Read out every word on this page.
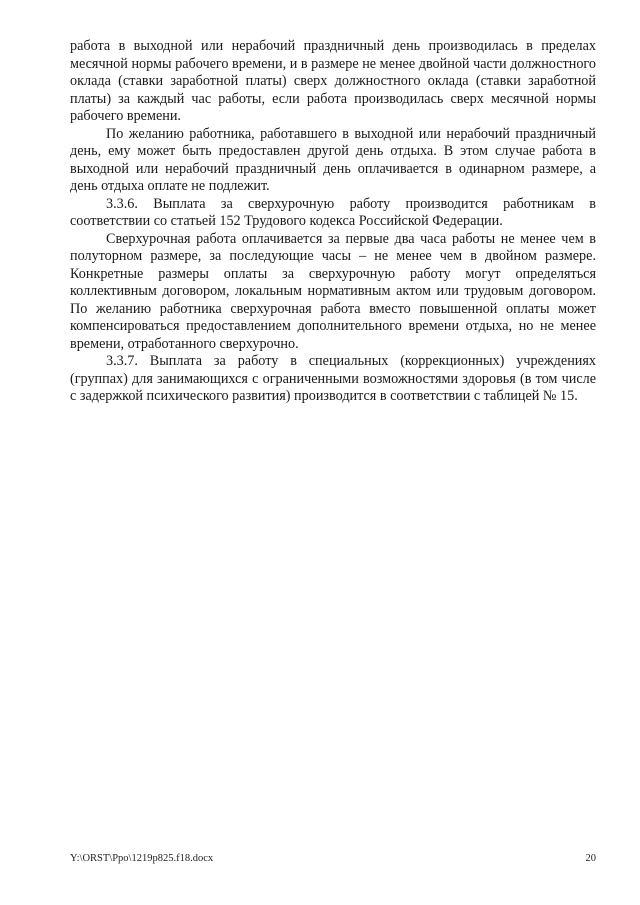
работа в выходной или нерабочий праздничный день производилась в пределах месячной нормы рабочего времени, и в размере не менее двойной части должностного оклада (ставки заработной платы) сверх должностного оклада (ставки заработной платы) за каждый час работы, если работа производилась сверх месячной нормы рабочего времени.

По желанию работника, работавшего в выходной или нерабочий праздничный день, ему может быть предоставлен другой день отдыха. В этом случае работа в выходной или нерабочий праздничный день оплачивается в одинарном размере, а день отдыха оплате не подлежит.

3.3.6. Выплата за сверхурочную работу производится работникам в соответствии со статьей 152 Трудового кодекса Российской Федерации.

Сверхурочная работа оплачивается за первые два часа работы не менее чем в полуторном размере, за последующие часы – не менее чем в двойном размере. Конкретные размеры оплаты за сверхурочную работу могут определяться коллективным договором, локальным нормативным актом или трудовым договором. По желанию работника сверхурочная работа вместо повышенной оплаты может компенсироваться предоставлением дополнительного времени отдыха, но не менее времени, отработанного сверхурочно.

3.3.7. Выплата за работу в специальных (коррекционных) учреждениях (группах) для занимающихся с ограниченными возможностями здоровья (в том числе с задержкой психического развития) производится в соответствии с таблицей № 15.

Y:\ORST\Ppo\1219p825.f18.docx	20
